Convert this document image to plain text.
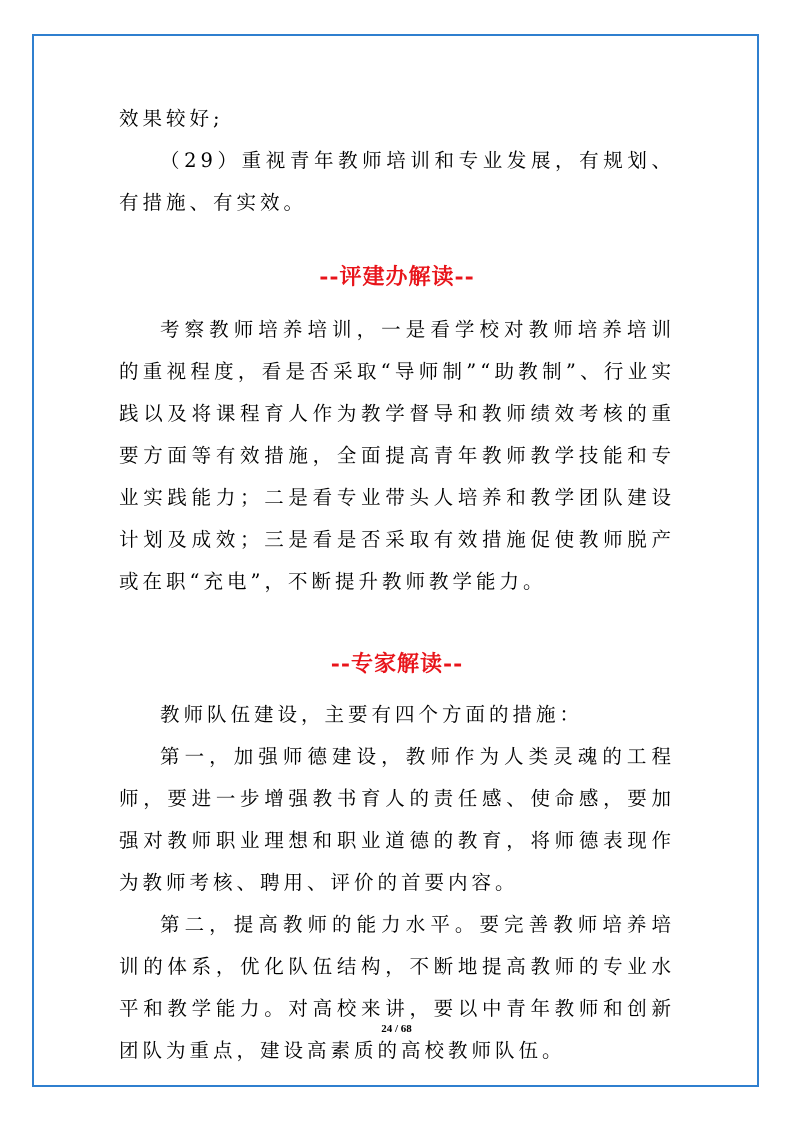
效果较好;

（29）重视青年教师培训和专业发展，有规划、有措施、有实效。

--评建办解读--

考察教师培养培训，一是看学校对教师培养培训的重视程度，看是否采取“导师制”“助教制”、行业实践以及将课程育人作为教学督导和教师绩效考核的重要方面等有效措施，全面提高青年教师教学技能和专业实践能力；二是看专业带头人培养和教学团队建设计划及成效；三是看是否采取有效措施促使教师脱产或在职“充电”，不断提升教师教学能力。

--专家解读--

教师队伍建设，主要有四个方面的措施：

第一，加强师德建设，教师作为人类灵魂的工程师，要进一步增强教书育人的责任感、使命感，要加强对教师职业理想和职业道德的教育，将师德表现作为教师考核、聘用、评价的首要内容。

第二，提高教师的能力水平。要完善教师培养培训的体系，优化队伍结构，不断地提高教师的专业水平和教学能力。对高校来讲，要以中青年教师和创新团队为重点，建设高素质的高校教师队伍。

24 / 68
